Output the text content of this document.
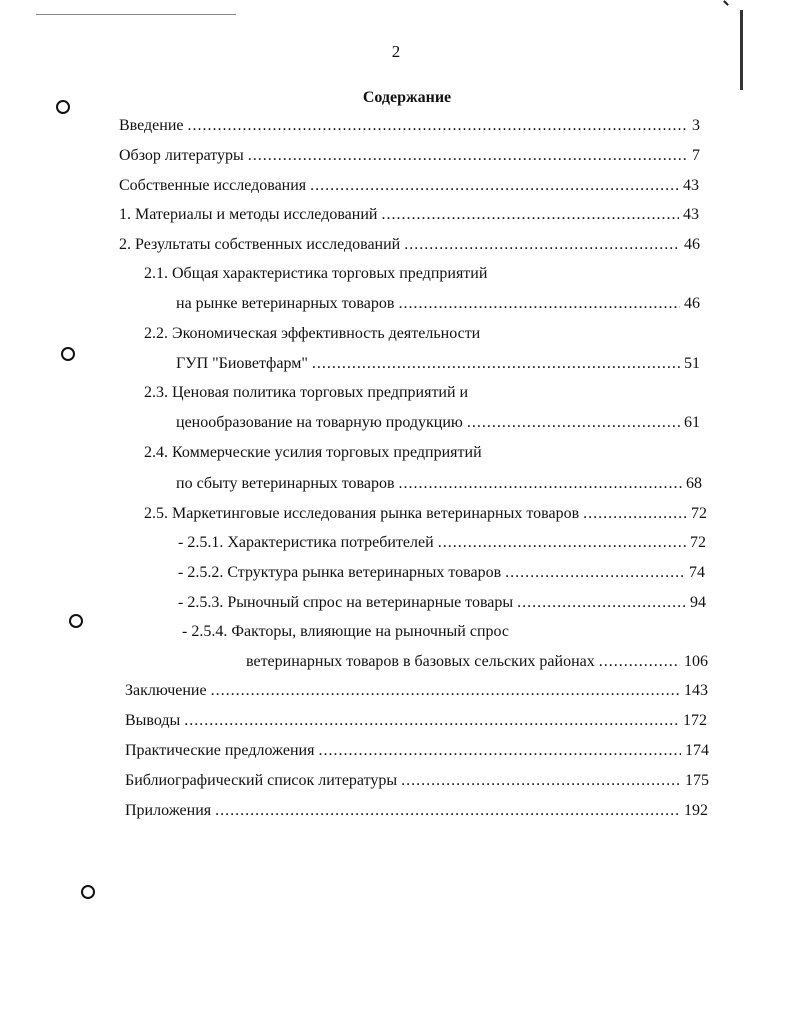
2
Содержание
Введение .....	3
Обзор литературы .....	7
Собственные исследования .....	43
1. Материалы и методы исследований .....	43
2. Результаты собственных исследований .....	46
2.1. Общая характеристика торговых предприятий
на рынке ветеринарных товаров .....	46
2.2. Экономическая эффективность деятельности
ГУП "Биоветфарм" .....	51
2.3. Ценовая политика торговых предприятий и
ценообразование на товарную продукцию .....	61
2.4. Коммерческие усилия торговых предприятий
по сбыту ветеринарных товаров .....	68
2.5. Маркетинговые исследования рынка ветеринарных товаров .....	72
- 2.5.1. Характеристика потребителей .....	72
- 2.5.2. Структура рынка ветеринарных товаров .....	74
- 2.5.3. Рыночный спрос на ветеринарные товары .....	94
- 2.5.4. Факторы, влияющие на рыночный спрос
ветеринарных товаров в базовых сельских районах .....	106
Заключение .....	143
Выводы .....	172
Практические предложения .....	174
Библиографический список литературы .....	175
Приложения .....	192
